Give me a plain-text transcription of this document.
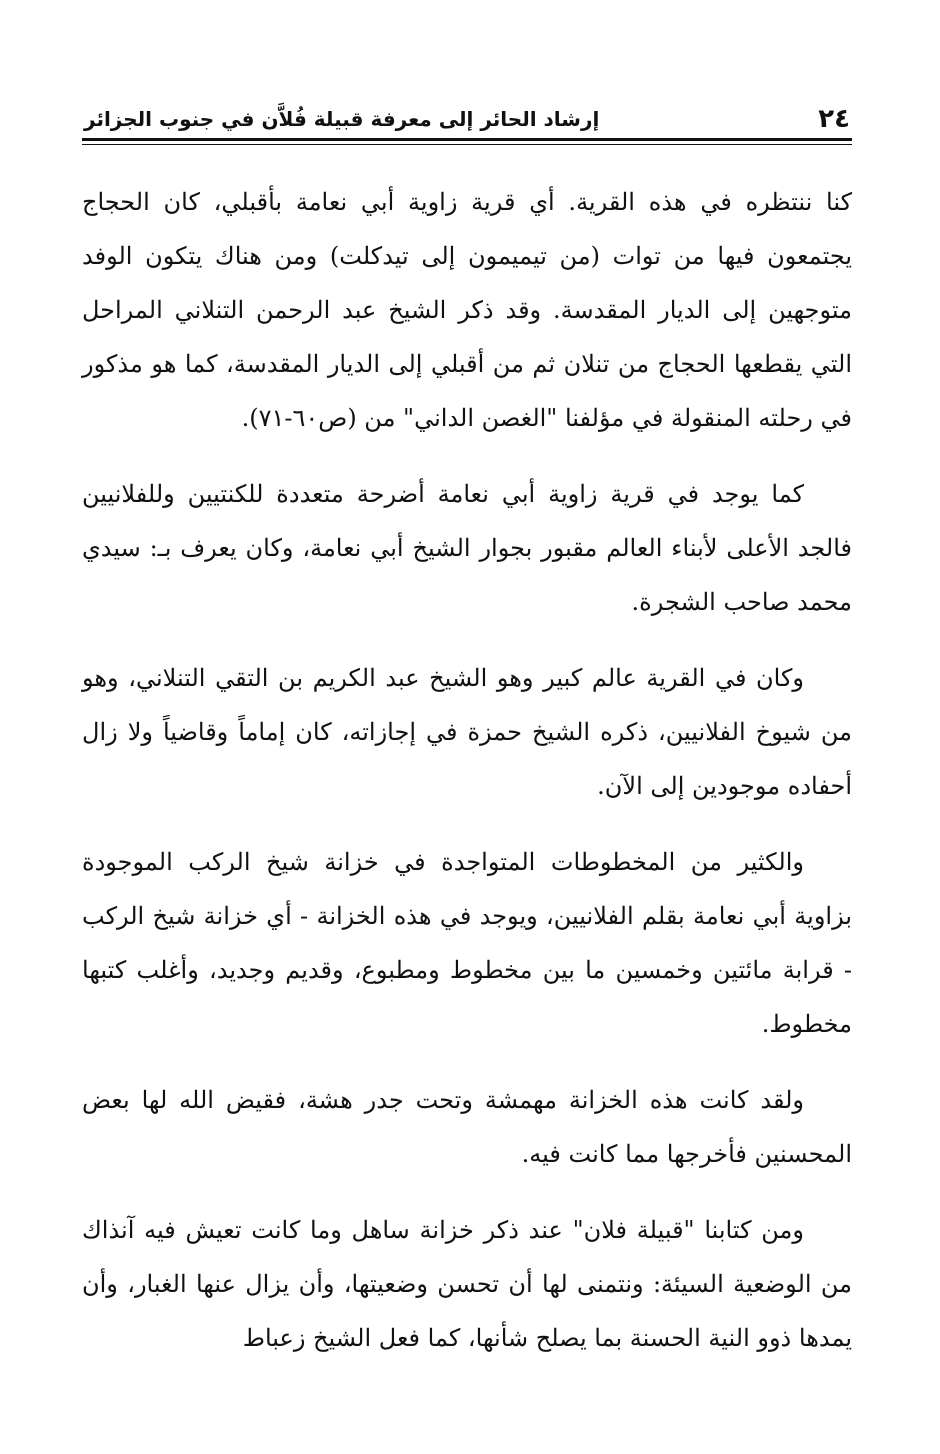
٢٤
إرشاد الحائر إلى معرفة قبيلة فُلاَّن في جنوب الجزائر

كنا ننتظره في هذه القرية. أي قرية زاوية أبي نعامة بأقبلي، كان الحجاج يجتمعون فيها من توات (من تيميمون إلى تيدكلت) ومن هناك يتكون الوفد متوجهين إلى الديار المقدسة. وقد ذكر الشيخ عبد الرحمن التنلاني المراحل التي يقطعها الحجاج من تنلان ثم من أقبلي إلى الديار المقدسة، كما هو مذكور في رحلته المنقولة في مؤلفنا "الغصن الداني" من (ص٦٠-٧١).

كما يوجد في قرية زاوية أبي نعامة أضرحة متعددة للكنتيين وللفلانيين فالجد الأعلى لأبناء العالم مقبور بجوار الشيخ أبي نعامة، وكان يعرف بـ: سيدي محمد صاحب الشجرة.

وكان في القرية عالم كبير وهو الشيخ عبد الكريم بن التقي التنلاني، وهو من شيوخ الفلانيين، ذكره الشيخ حمزة في إجازاته، كان إماماً وقاضياً ولا زال أحفاده موجودين إلى الآن.

والكثير من المخطوطات المتواجدة في خزانة شيخ الركب الموجودة بزاوية أبي نعامة بقلم الفلانيين، ويوجد في هذه الخزانة - أي خزانة شيخ الركب - قرابة مائتين وخمسين ما بين مخطوط ومطبوع، وقديم وجديد، وأغلب كتبها مخطوط.

ولقد كانت هذه الخزانة مهمشة وتحت جدر هشة، فقيض الله لها بعض المحسنين فأخرجها مما كانت فيه.

ومن كتابنا "قبيلة فلان" عند ذكر خزانة ساهل وما كانت تعيش فيه آنذاك من الوضعية السيئة: ونتمنى لها أن تحسن وضعيتها، وأن يزال عنها الغبار، وأن يمدها ذوو النية الحسنة بما يصلح شأنها، كما فعل الشيخ زعباط
